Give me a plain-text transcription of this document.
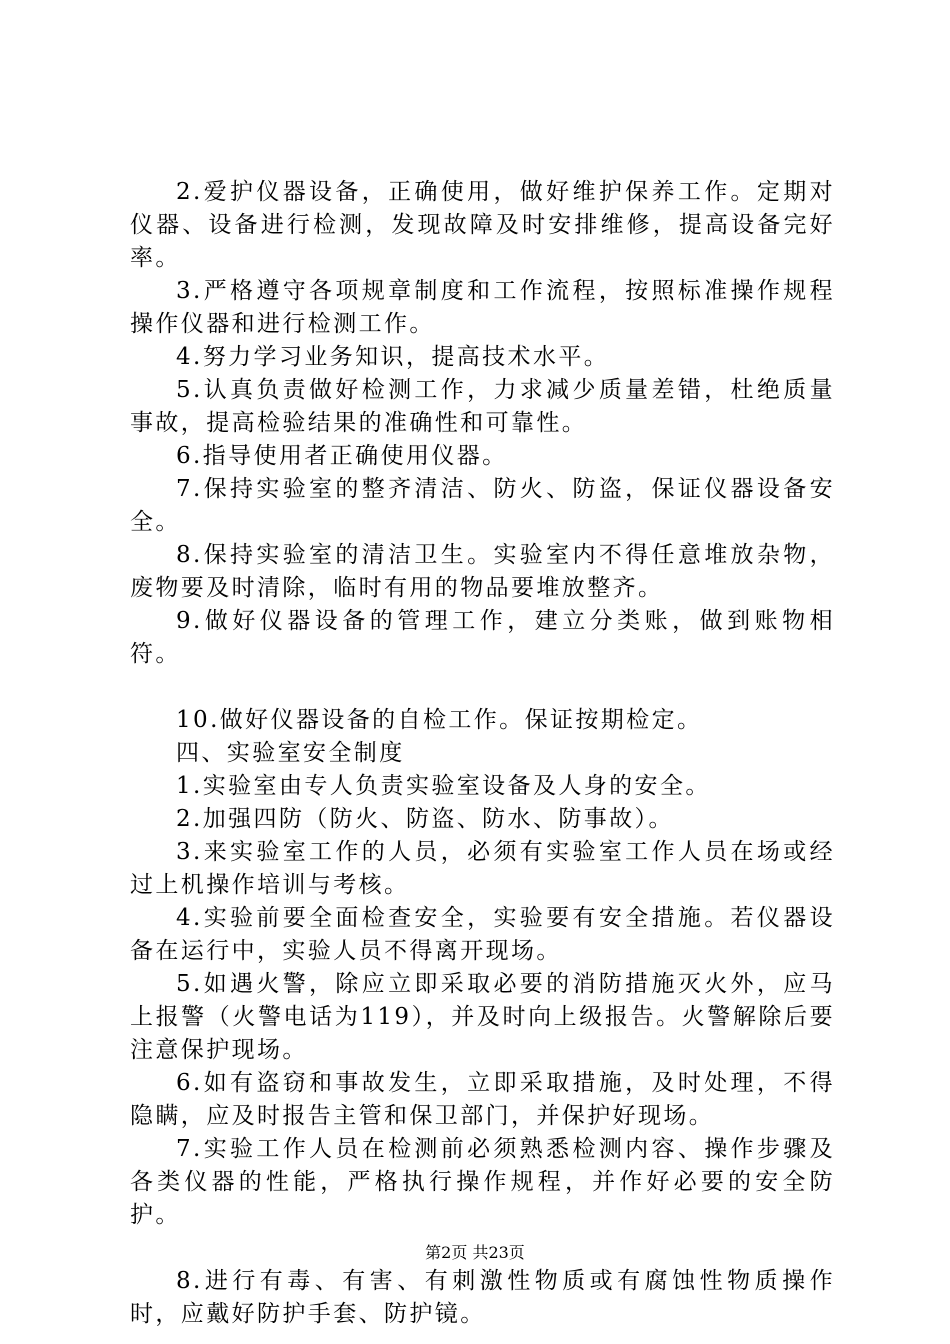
2.爱护仪器设备，正确使用，做好维护保养工作。定期对仪器、设备进行检测，发现故障及时安排维修，提高设备完好率。

3.严格遵守各项规章制度和工作流程，按照标准操作规程操作仪器和进行检测工作。

4.努力学习业务知识，提高技术水平。

5.认真负责做好检测工作，力求减少质量差错，杜绝质量事故，提高检验结果的准确性和可靠性。

6.指导使用者正确使用仪器。

7.保持实验室的整齐清洁、防火、防盗，保证仪器设备安全。

8.保持实验室的清洁卫生。实验室内不得任意堆放杂物，废物要及时清除，临时有用的物品要堆放整齐。

9.做好仪器设备的管理工作，建立分类账，做到账物相符。

10.做好仪器设备的自检工作。保证按期检定。

四、实验室安全制度

1.实验室由专人负责实验室设备及人身的安全。

2.加强四防（防火、防盗、防水、防事故）。

3.来实验室工作的人员，必须有实验室工作人员在场或经过上机操作培训与考核。

4.实验前要全面检查安全，实验要有安全措施。若仪器设备在运行中，实验人员不得离开现场。

5.如遇火警，除应立即采取必要的消防措施灭火外，应马上报警（火警电话为119），并及时向上级报告。火警解除后要注意保护现场。

6.如有盗窃和事故发生，立即采取措施，及时处理，不得隐瞒，应及时报告主管和保卫部门，并保护好现场。

7.实验工作人员在检测前必须熟悉检测内容、操作步骤及各类仪器的性能，严格执行操作规程，并作好必要的安全防护。

8.进行有毒、有害、有刺激性物质或有腐蚀性物质操作时，应戴好防护手套、防护镜。

第2页 共23页
